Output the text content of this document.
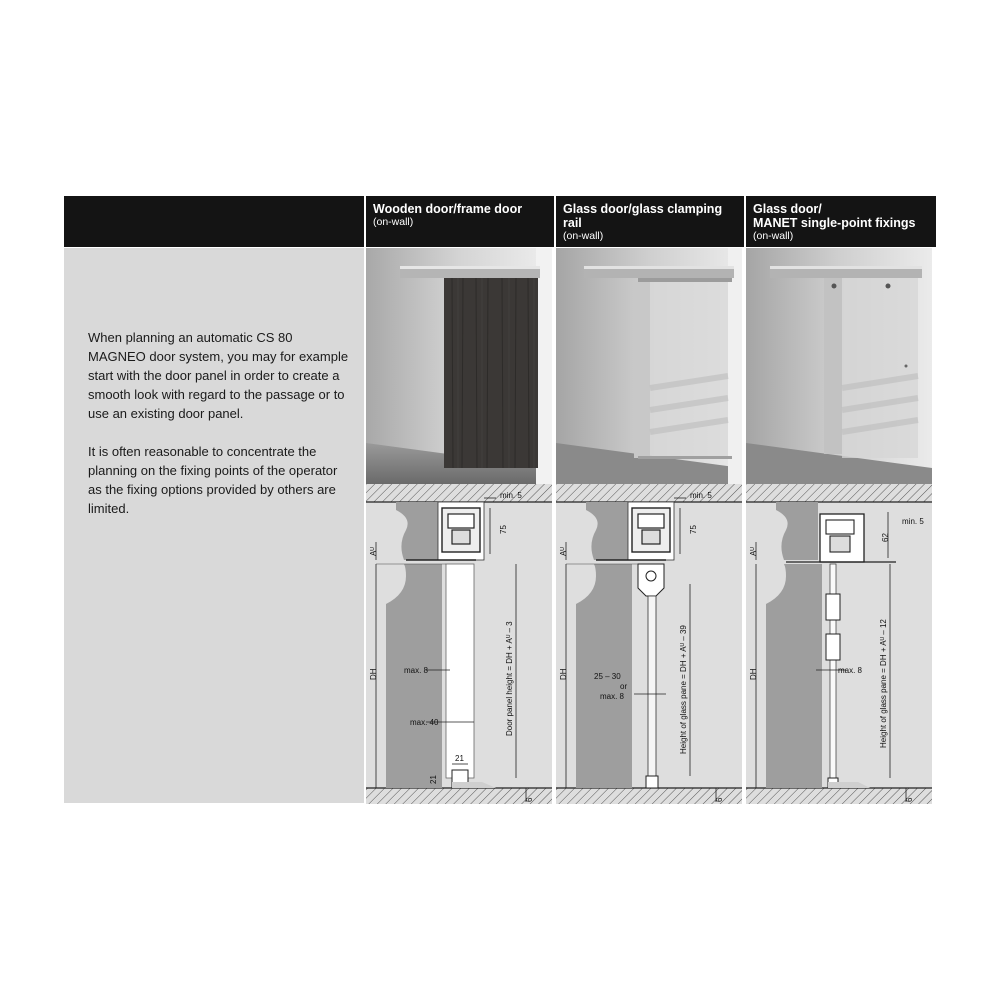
Wooden door/frame door
(on-wall)
Glass door/glass clamping rail
(on-wall)
Glass door/
MANET single-point fixings
(on-wall)

When planning an automatic CS 80 MAGNEO door system, you may for example start with the door panel in order to create a smooth look with regard to the passage or to use an existing door panel.

It is often reasonable to concentrate the planning on the fixing points of the operator as the fixing options provided by others are limited.

min. 5
75
Aᵁ
DH	max. 8
max. 40
21
21
Door panel height = DH + Aᵁ – 3
6
min. 5
75
Aᵁ
DH	25 – 30
or
max. 8	Height of glass pane = DH + Aᵁ – 39
6
min. 5
62
Aᵁ
DH	max. 8 Height of glass pane = DH + Aᵁ – 12
6
